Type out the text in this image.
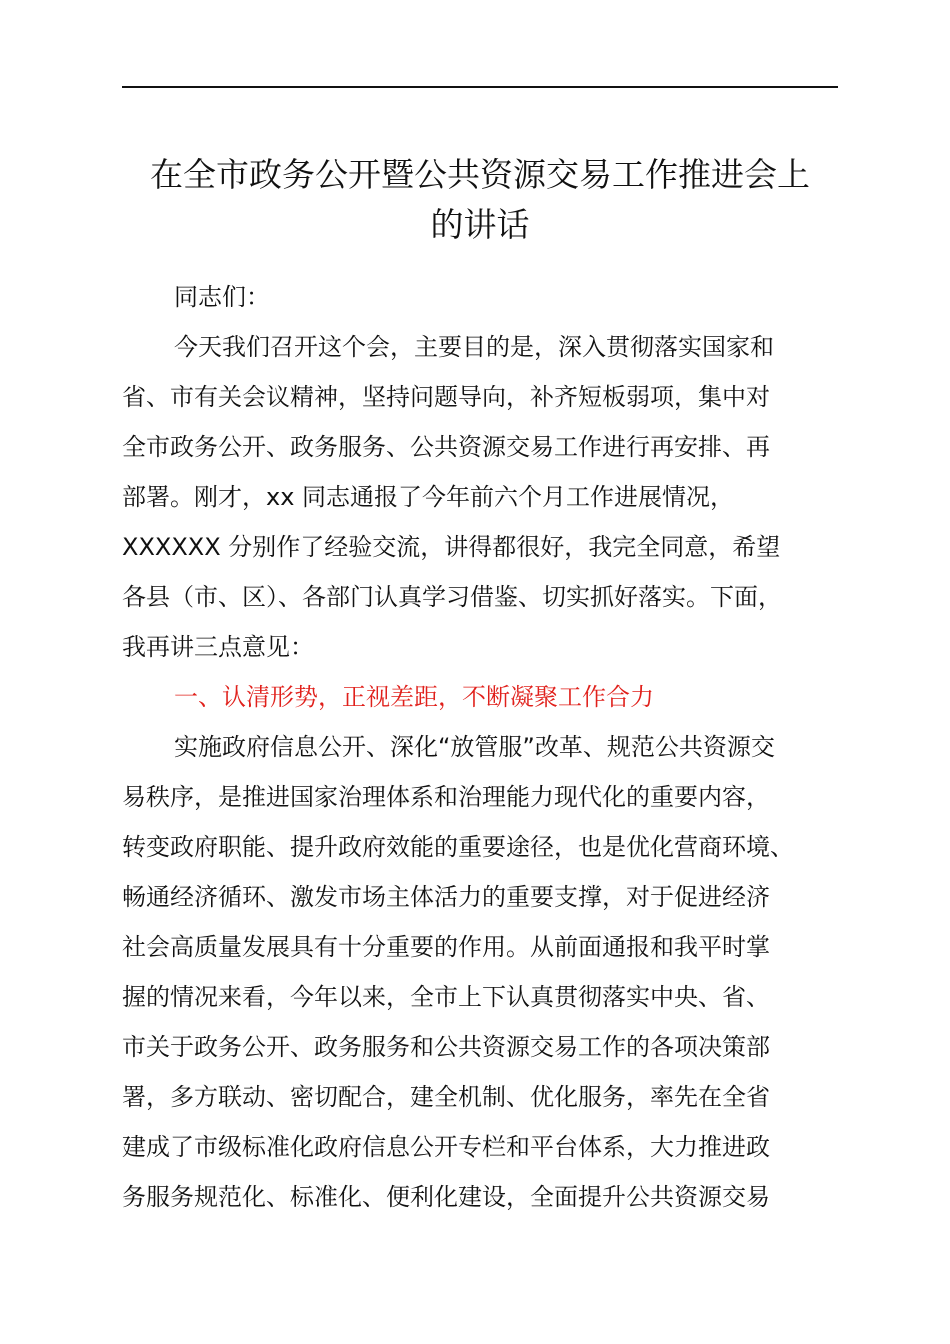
在全市政务公开暨公共资源交易工作推进会上
的讲话
同志们：
今天我们召开这个会，主要目的是，深入贯彻落实国家和
省、市有关会议精神，坚持问题导向，补齐短板弱项，集中对
全市政务公开、政务服务、公共资源交易工作进行再安排、再
部署。刚才，xx 同志通报了今年前六个月工作进展情况，
XXXXXX 分别作了经验交流，讲得都很好，我完全同意，希望
各县（市、区）、各部门认真学习借鉴、切实抓好落实。下面，
我再讲三点意见：
一、认清形势，正视差距，不断凝聚工作合力
实施政府信息公开、深化“放管服”改革、规范公共资源交
易秩序，是推进国家治理体系和治理能力现代化的重要内容，
转变政府职能、提升政府效能的重要途径，也是优化营商环境、
畅通经济循环、激发市场主体活力的重要支撑，对于促进经济
社会高质量发展具有十分重要的作用。从前面通报和我平时掌
握的情况来看，今年以来，全市上下认真贯彻落实中央、省、
市关于政务公开、政务服务和公共资源交易工作的各项决策部
署，多方联动、密切配合，建全机制、优化服务，率先在全省
建成了市级标准化政府信息公开专栏和平台体系，大力推进政
务服务规范化、标准化、便利化建设，全面提升公共资源交易
